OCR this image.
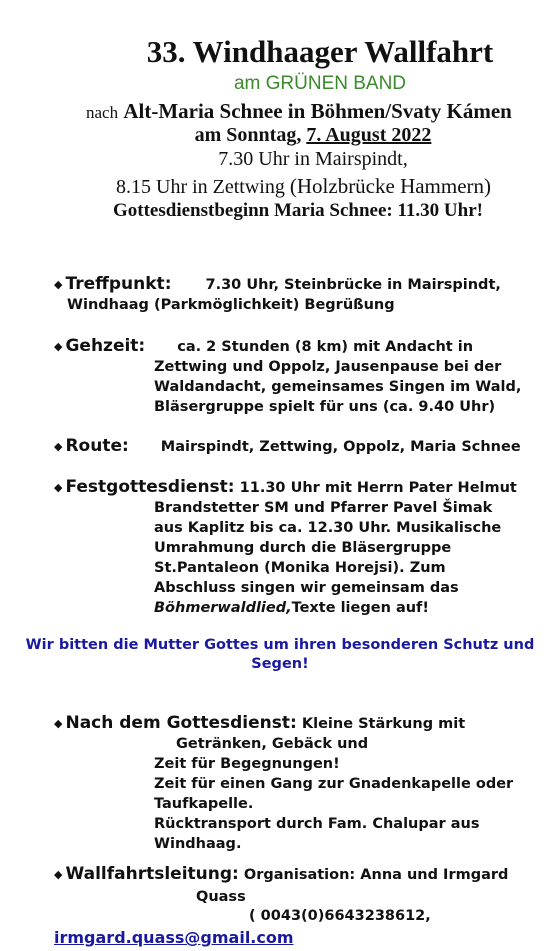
33. Windhaager Wallfahrt
am GRÜNEN BAND
nach Alt-Maria Schnee in Böhmen/Svaty Kámen
am Sonntag, 7. August 2022
7.30 Uhr in Mairspindt,
8.15 Uhr in Zettwing (Holzbrücke Hammern)
Gottesdienstbeginn Maria Schnee: 11.30 Uhr!
◆ Treffpunkt: 7.30 Uhr, Steinbrücke in Mairspindt,
Windhaag (Parkmöglichkeit) Begrüßung
◆ Gehzeit: ca. 2 Stunden (8 km) mit Andacht in
Zettwing und Oppolz, Jausenpause bei der
Waldandacht, gemeinsames Singen im Wald,
Bläsergruppe spielt für uns (ca. 9.40 Uhr)
◆ Route: Mairspindt, Zettwing, Oppolz, Maria Schnee
◆ Festgottesdienst: 11.30 Uhr mit Herrn Pater Helmut
Brandstetter SM und Pfarrer Pavel Šimak
aus Kaplitz bis ca. 12.30 Uhr. Musikalische
Umrahmung durch die Bläsergruppe
St.Pantaleon (Monika Horejsi). Zum
Abschluss singen wir gemeinsam das
Böhmerwaldlied,Texte liegen auf!
Wir bitten die Mutter Gottes um ihren besonderen Schutz und
Segen!
◆ Nach dem Gottesdienst: Kleine Stärkung mit
Getränken, Gebäck und
Zeit für Begegnungen!
Zeit für einen Gang zur Gnadenkapelle oder
Taufkapelle.
Rücktransport durch Fam. Chalupar aus
Windhaag.
◆ Wallfahrtsleitung: Organisation: Anna und Irmgard
Quass
( 0043(0)6643238612,
irmgard.quass@gmail.com
